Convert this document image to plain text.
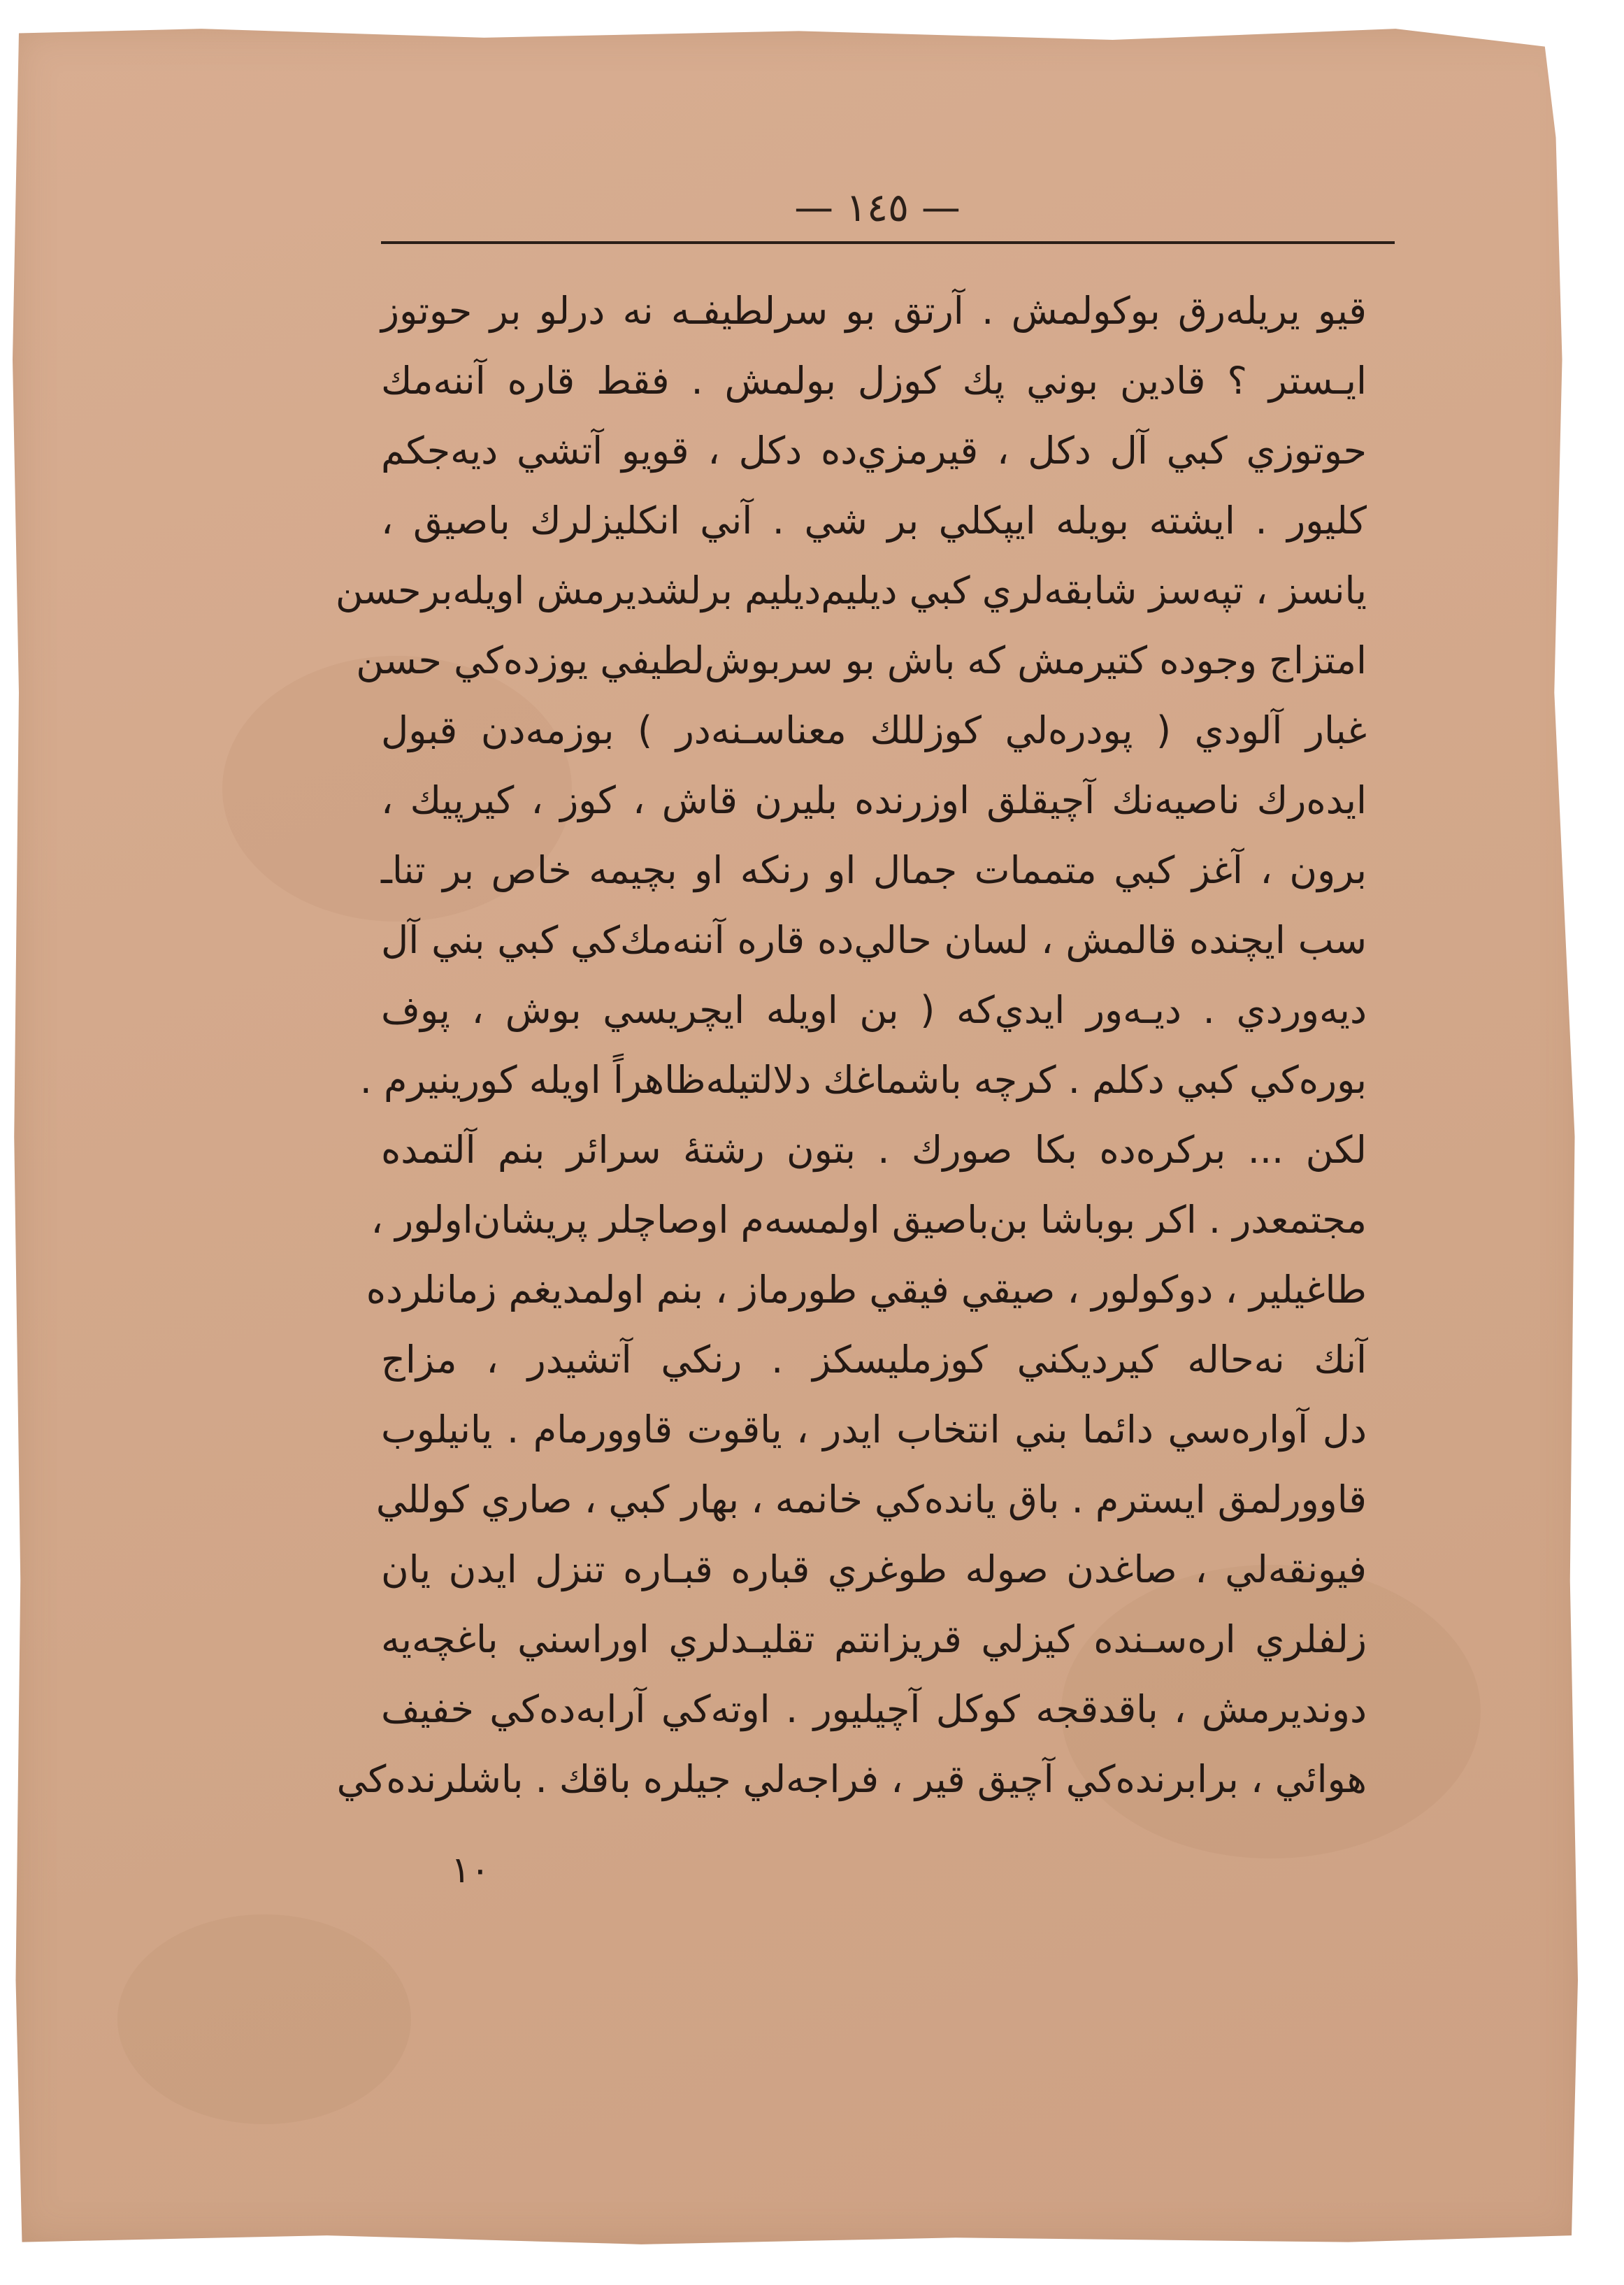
— ١٤٥ —
قيو يريله‌رق بوكولمش . آرتق بو سرلطيفـه نه‌ درلو بر حوتوز
ايـستر ؟ قادين بوني پك كوزل بولمش . فقط قاره آننه‌مك
حوتوزي كبي آل دكل ، قيرمزي‌ده دكل ، قويو آتشي ديه‌جكم
كليور . ايشته بويله ايپكلي بر شي . آني انكليزلرك باصيق ،
يانسز ، تپه‌سز شابقه‌لري كبي ديليم‌ديليم برلشديرمش اويله‌برحسن
امتزاج وجوده كتيرمش كه باش بو سربوش‌لطيفي يوزده‌كي حسن
غبار آلودي ( پودره‌لي كوزللك معناسـنه‌در ) بوزمه‌دن قبول
ايده‌رك ناصيه‌نك آچيقلق اوزرنده بليرن قاش ، كوز ، كيرپيك ،
برون ، آغز كبي متممات جمال او رنكه او بچيمه خاص بر تناـ
سب ايچنده قالمش ، لسان حالي‌ده قاره آننه‌مك‌كي كبي بني آل
ديه‌وردي . ديـه‌ور ايدي‌كه ( بن اويله ايچريسي بوش ، پوف
بوره‌كي كبي دكلم . كرچه باشماغك دلالتيله‌ظاهراً اويله كورينيرم .
لكن ... بركره‌ده بكا صورك . بتون رشتهٔ سرائر بنم آلتمده
مجتمعدر . اكر بوباشا بن‌باصيق اولمسه‌م اوصاچلر پريشان‌اولور ،
طاغيلير ، دوكولور ، صيقي فيقي طورماز ، بنم اولمديغم زمانلرده
آنك نه‌حاله كيرديكني كوزمليسكز . رنكي آتشيدر ، مزاج
دل آواره‌سي دائما بني انتخاب ايدر ، ياقوت قاوورمام . يانيلوب
قاوورلمق ايسترم . باق يانده‌كي خانمه ، بهار كبي ، صاري كوللي
فيونقه‌لي ، صاغدن صوله طوغري قباره قبـاره تنزل ايدن يان
زلفلري اره‌سـنده كيزلي قريزانتم تقليـدلري اوراسني باغچه‌يه
دونديرمش ، باقدقجه كوكل آچيليور . اوته‌كي آرابه‌ده‌كي خفيف
هوائي ، برابرنده‌كي آچيق قير ، فراجه‌لي جيلره باقك . باشلرنده‌كي
١٠
